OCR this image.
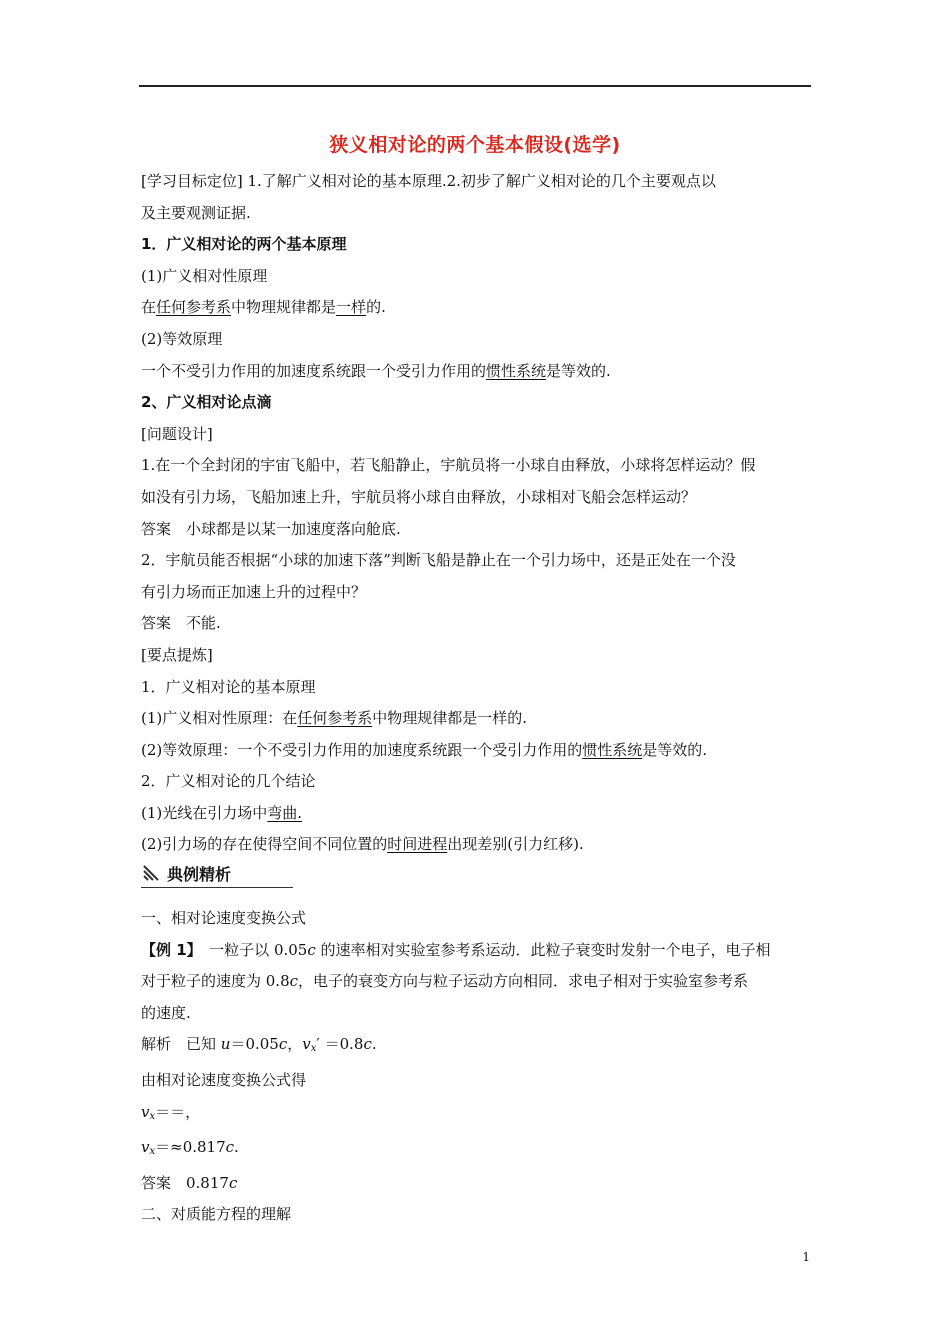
狭义相对论的两个基本假设(选学)

[学习目标定位] 1.了解广义相对论的基本原理.2.初步了解广义相对论的几个主要观点以

及主要观测证据.

1．广义相对论的两个基本原理

(1)广义相对性原理

在任何参考系中物理规律都是一样的.

(2)等效原理

一个不受引力作用的加速度系统跟一个受引力作用的惯性系统是等效的.

2、广义相对论点滴

[问题设计]

1.在一个全封闭的宇宙飞船中，若飞船静止，宇航员将一小球自由释放，小球将怎样运动？假

如没有引力场，飞船加速上升，宇航员将小球自由释放，小球相对飞船会怎样运动？

答案　小球都是以某一加速度落向舱底.

2．宇航员能否根据“小球的加速下落”判断飞船是静止在一个引力场中，还是正处在一个没

有引力场而正加速上升的过程中？

答案　不能.

[要点提炼]

1．广义相对论的基本原理

(1)广义相对性原理：在任何参考系中物理规律都是一样的.

(2)等效原理：一个不受引力作用的加速度系统跟一个受引力作用的惯性系统是等效的.

2．广义相对论的几个结论

(1)光线在引力场中弯曲.

(2)引力场的存在使得空间不同位置的时间进程出现差别(引力红移).

典例精析

一、相对论速度变换公式

【例 1】　一粒子以 0.05c 的速率相对实验室参考系运动．此粒子衰变时发射一个电子，电子相

对于粒子的速度为 0.8c，电子的衰变方向与粒子运动方向相同．求电子相对于实验室参考系

的速度.

解析　已知 u＝0.05c，$v_x' =0.8c$.

由相对论速度变换公式得

$v_x==$，

$v_x=\approx 0.817c$.

答案　0.817c

二、对质能方程的理解

1
